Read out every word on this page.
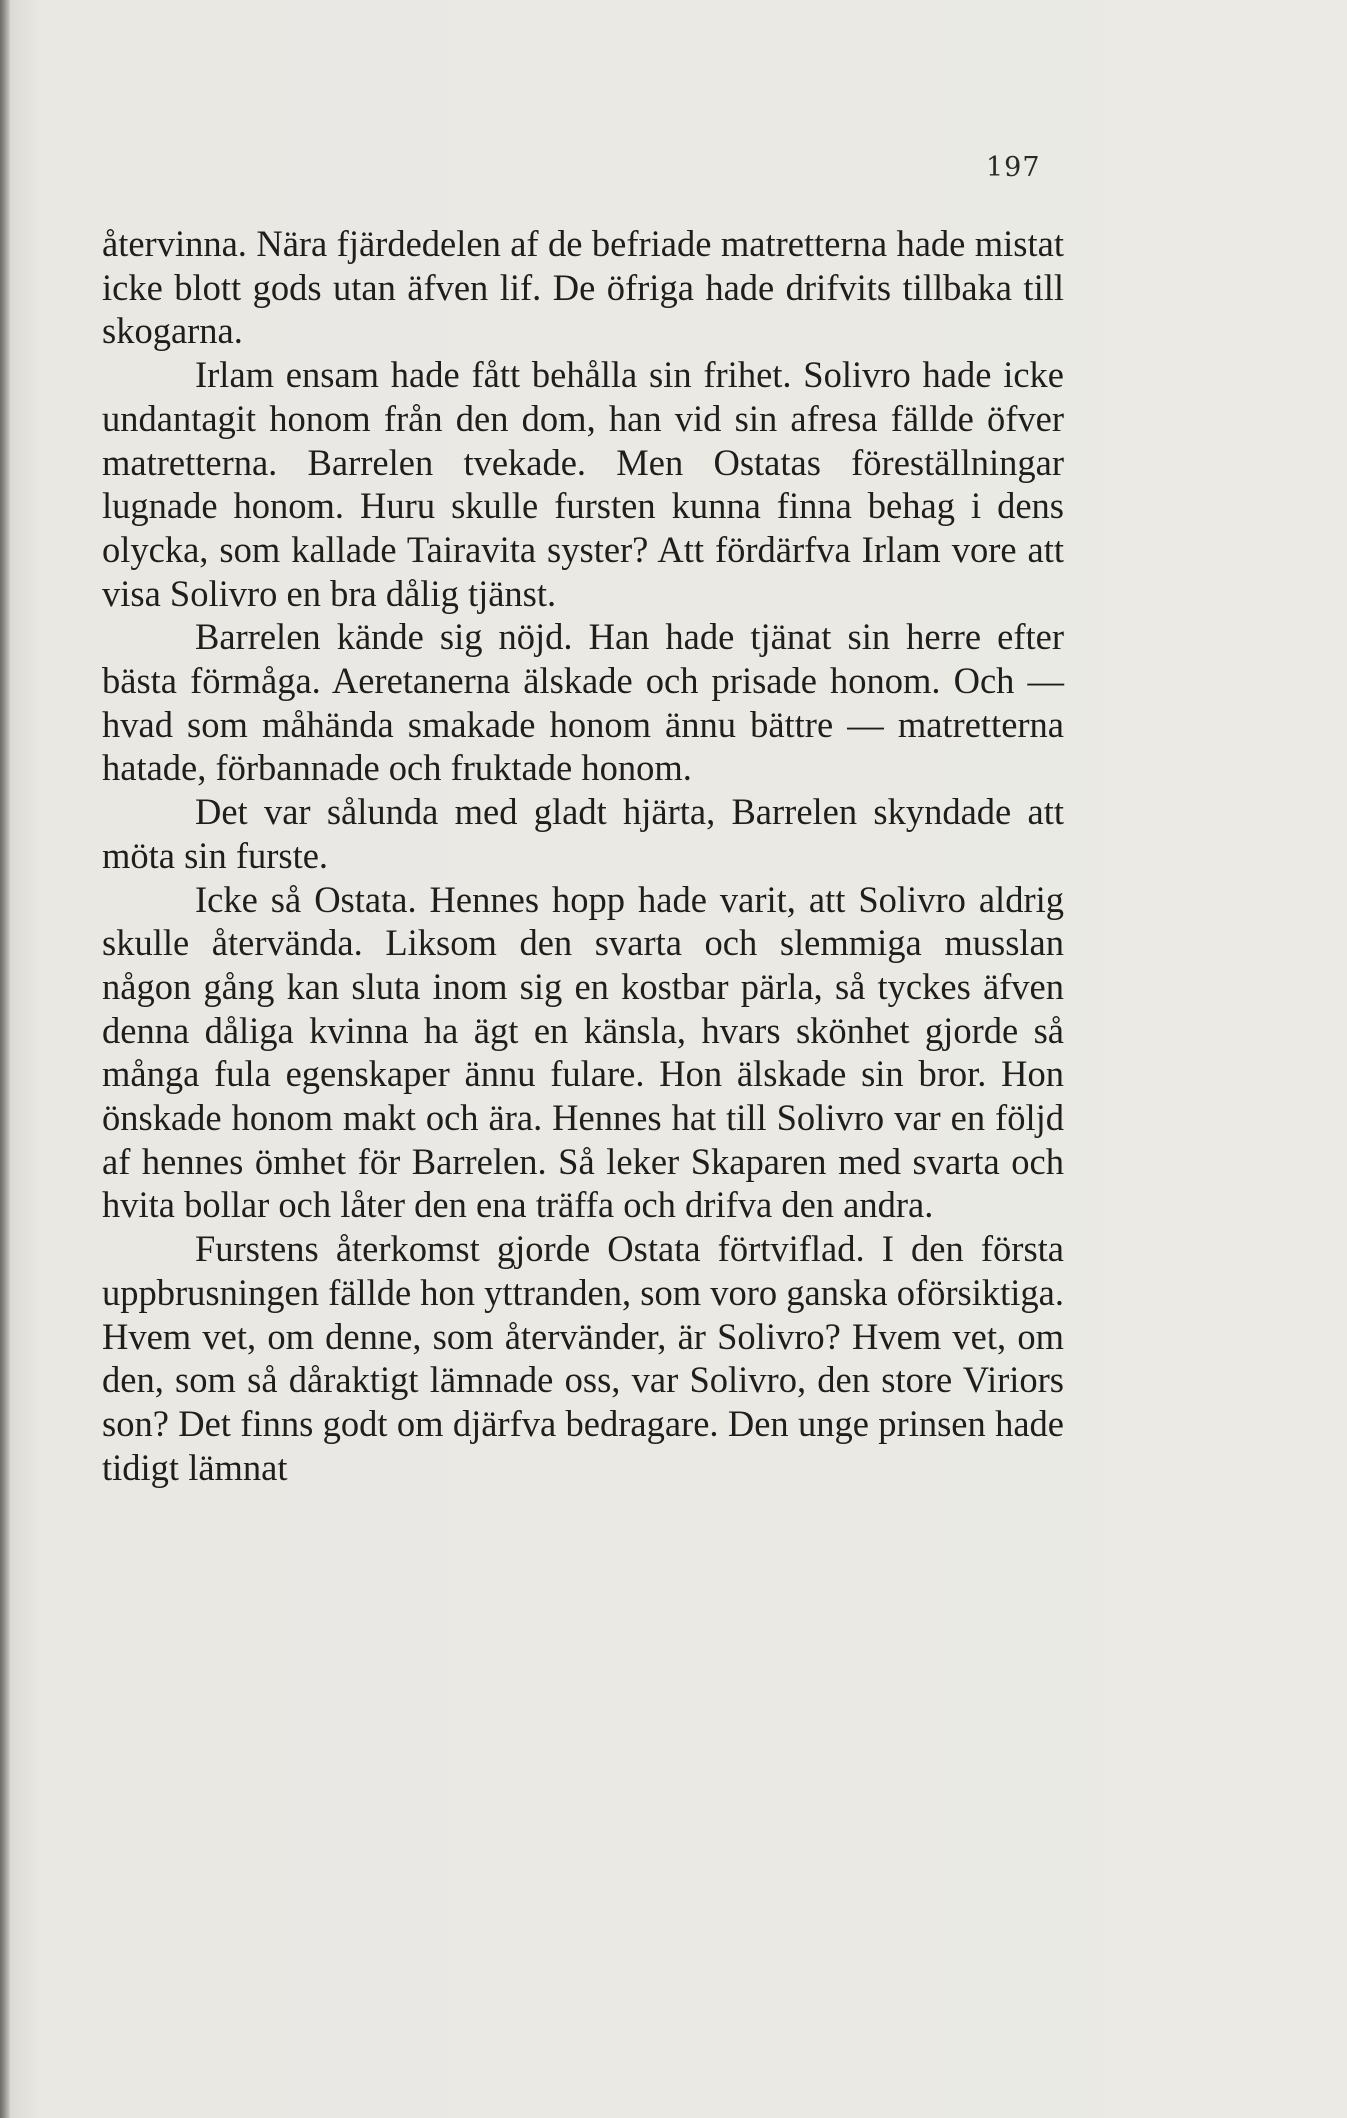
197

återvinna. Nära fjärdedelen af de befriade matretterna hade mistat icke blott gods utan äfven lif. De öfriga hade drifvits tillbaka till skogarna.

Irlam ensam hade fått behålla sin frihet. Solivro hade icke undantagit honom från den dom, han vid sin afresa fällde öfver matretterna. Barrelen tvekade. Men Ostatas föreställningar lugnade honom. Huru skulle fursten kunna finna behag i dens olycka, som kallade Tairavita syster? Att fördärfva Irlam vore att visa Solivro en bra dålig tjänst.

Barrelen kände sig nöjd. Han hade tjänat sin herre efter bästa förmåga. Aeretanerna älskade och prisade honom. Och — hvad som måhända smakade honom ännu bättre — matretterna hatade, förbannade och fruktade honom.

Det var sålunda med gladt hjärta, Barrelen skyndade att möta sin furste.

Icke så Ostata. Hennes hopp hade varit, att Solivro aldrig skulle återvända. Liksom den svarta och slemmiga musslan någon gång kan sluta inom sig en kostbar pärla, så tyckes äfven denna dåliga kvinna ha ägt en känsla, hvars skönhet gjorde så många fula egenskaper ännu fulare. Hon älskade sin bror. Hon önskade honom makt och ära. Hennes hat till Solivro var en följd af hennes ömhet för Barrelen. Så leker Skaparen med svarta och hvita bollar och låter den ena träffa och drifva den andra.

Furstens återkomst gjorde Ostata förtviflad. I den första uppbrusningen fällde hon yttranden, som voro ganska oförsiktiga. Hvem vet, om denne, som återvänder, är Solivro? Hvem vet, om den, som så dåraktigt lämnade oss, var Solivro, den store Viriors son? Det finns godt om djärfva bedragare. Den unge prinsen hade tidigt lämnat
